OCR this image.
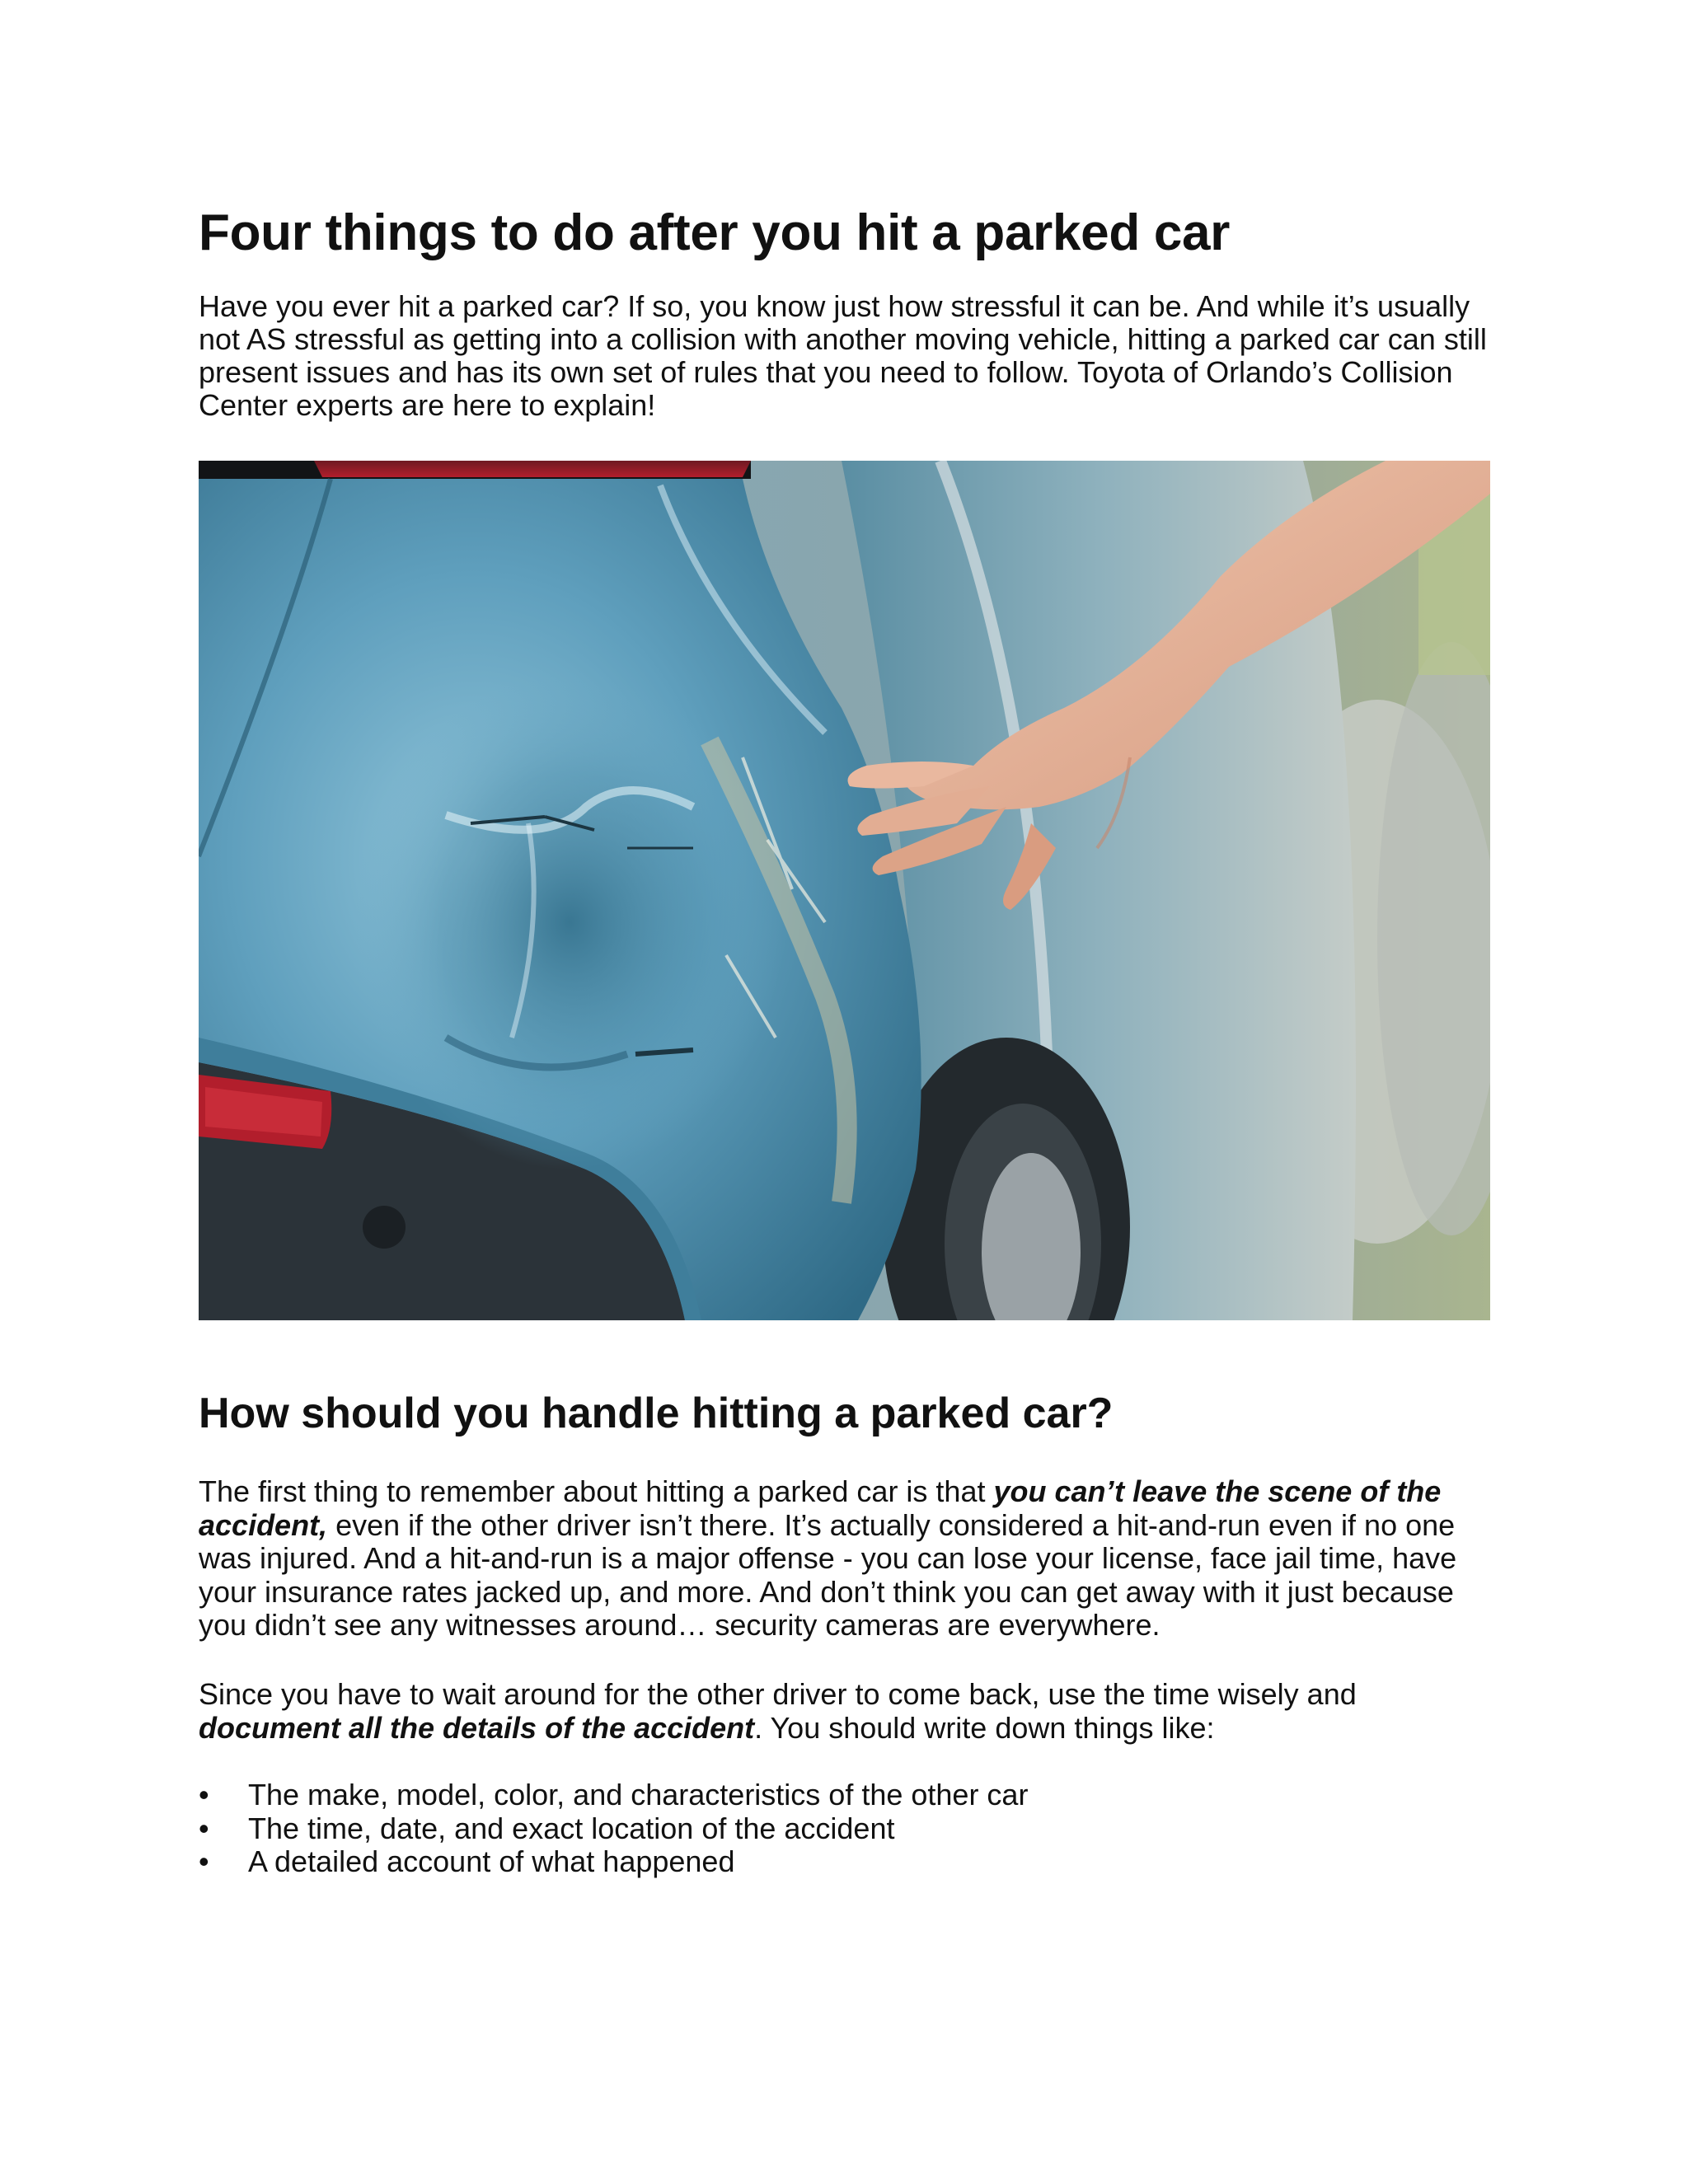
Four things to do after you hit a parked car

Have you ever hit a parked car? If so, you know just how stressful it can be. And while it’s usually not AS stressful as getting into a collision with another moving vehicle, hitting a parked car can still present issues and has its own set of rules that you need to follow. Toyota of Orlando’s Collision Center experts are here to explain!

How should you handle hitting a parked car?

The first thing to remember about hitting a parked car is that you can’t leave the scene of the accident, even if the other driver isn’t there. It’s actually considered a hit-and-run even if no one was injured. And a hit-and-run is a major offense - you can lose your license, face jail time, have your insurance rates jacked up, and more. And don’t think you can get away with it just because you didn’t see any witnesses around… security cameras are everywhere.

Since you have to wait around for the other driver to come back, use the time wisely and document all the details of the accident. You should write down things like:

• The make, model, color, and characteristics of the other car
• The time, date, and exact location of the accident
• A detailed account of what happened
